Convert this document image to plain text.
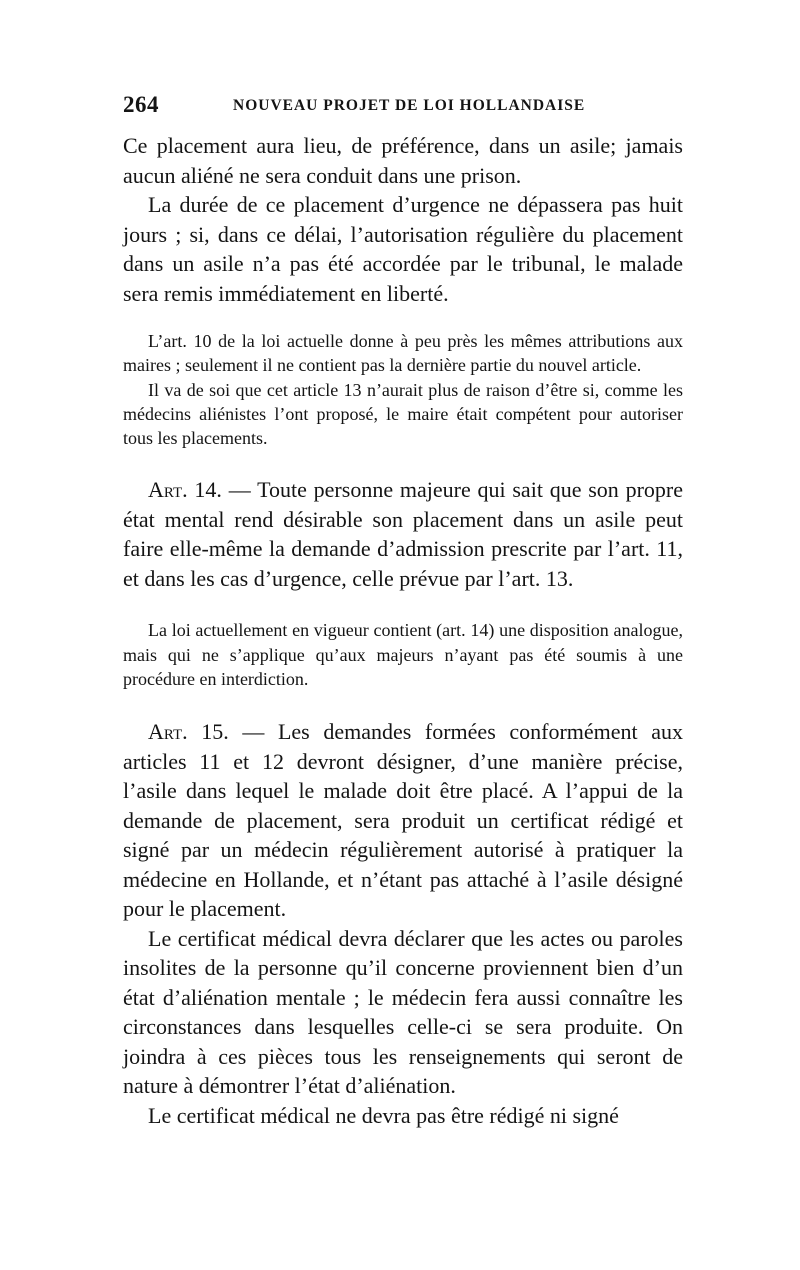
264	NOUVEAU PROJET DE LOI HOLLANDAISE

Ce placement aura lieu, de préférence, dans un asile; jamais aucun aliéné ne sera conduit dans une prison.

La durée de ce placement d’urgence ne dépassera pas huit jours ; si, dans ce délai, l’autorisation régulière du placement dans un asile n’a pas été accordée par le tribunal, le malade sera remis immédiatement en liberté.

L’art. 10 de la loi actuelle donne à peu près les mêmes attributions aux maires ; seulement il ne contient pas la dernière partie du nouvel article.

Il va de soi que cet article 13 n’aurait plus de raison d’être si, comme les médecins aliénistes l’ont proposé, le maire était compétent pour autoriser tous les placements.

Art. 14. — Toute personne majeure qui sait que son propre état mental rend désirable son placement dans un asile peut faire elle-même la demande d’admission prescrite par l’art. 11, et dans les cas d’urgence, celle prévue par l’art. 13.

La loi actuellement en vigueur contient (art. 14) une disposition analogue, mais qui ne s’applique qu’aux majeurs n’ayant pas été soumis à une procédure en interdiction.

Art. 15. — Les demandes formées conformément aux articles 11 et 12 devront désigner, d’une manière précise, l’asile dans lequel le malade doit être placé. A l’appui de la demande de placement, sera produit un certificat rédigé et signé par un médecin régulièrement autorisé à pratiquer la médecine en Hollande, et n’étant pas attaché à l’asile désigné pour le placement.

Le certificat médical devra déclarer que les actes ou paroles insolites de la personne qu’il concerne proviennent bien d’un état d’aliénation mentale ; le médecin fera aussi connaître les circonstances dans lesquelles celle-ci se sera produite. On joindra à ces pièces tous les renseignements qui seront de nature à démontrer l’état d’aliénation.

Le certificat médical ne devra pas être rédigé ni signé
